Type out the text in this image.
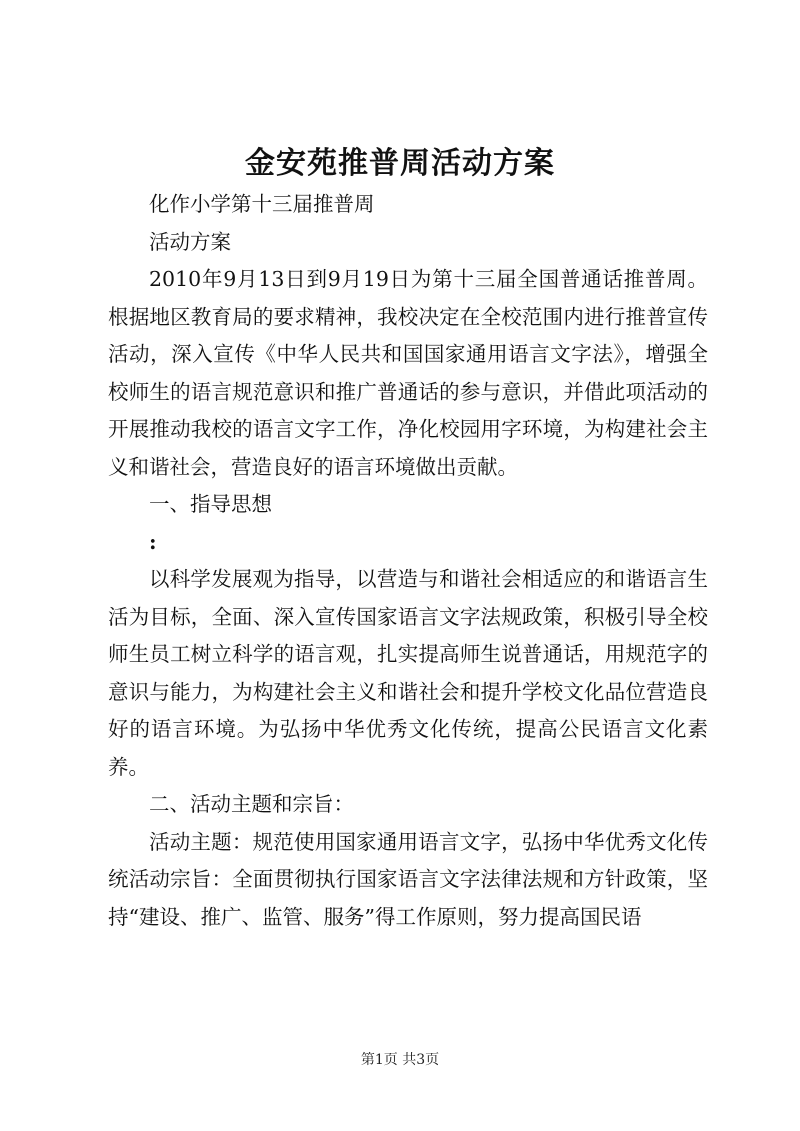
金安苑推普周活动方案

化作小学第十三届推普周

活动方案

2010年9月13日到9月19日为第十三届全国普通话推普周。根据地区教育局的要求精神，我校决定在全校范围内进行推普宣传活动，深入宣传《中华人民共和国国家通用语言文字法》，增强全校师生的语言规范意识和推广普通话的参与意识，并借此项活动的开展推动我校的语言文字工作，净化校园用字环境，为构建社会主义和谐社会，营造良好的语言环境做出贡献。

一、指导思想

:

以科学发展观为指导，以营造与和谐社会相适应的和谐语言生活为目标，全面、深入宣传国家语言文字法规政策，积极引导全校师生员工树立科学的语言观，扎实提高师生说普通话，用规范字的意识与能力，为构建社会主义和谐社会和提升学校文化品位营造良好的语言环境。为弘扬中华优秀文化传统，提高公民语言文化素养。

二、活动主题和宗旨：

活动主题：规范使用国家通用语言文字，弘扬中华优秀文化传统活动宗旨：全面贯彻执行国家语言文字法律法规和方针政策，坚持“建设、推广、监管、服务”得工作原则，努力提高国民语

第1页 共3页
